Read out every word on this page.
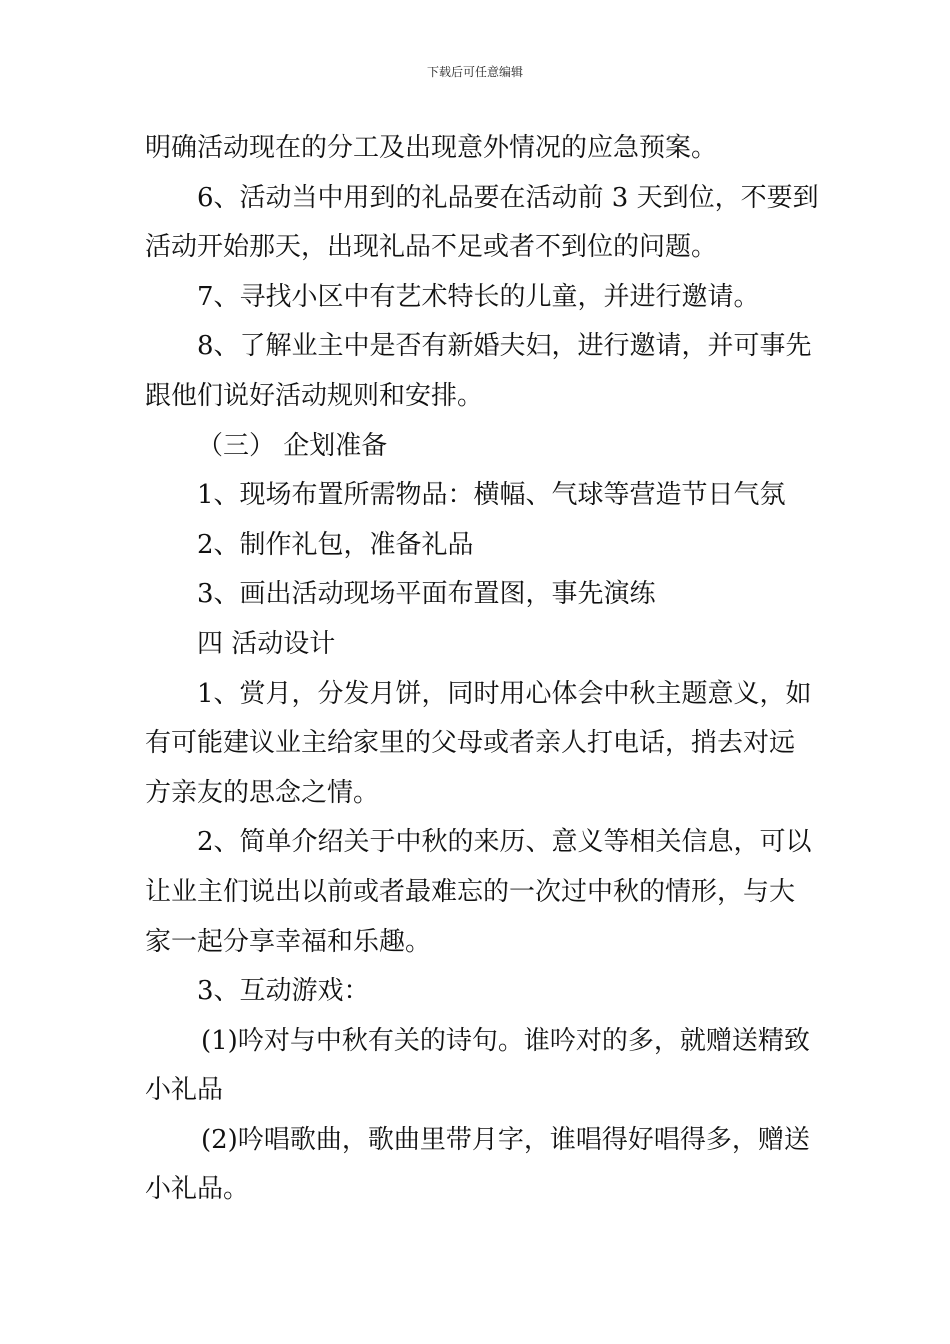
下载后可任意编辑
明确活动现在的分工及出现意外情况的应急预案。
6、活动当中用到的礼品要在活动前 3 天到位，不要到
活动开始那天，出现礼品不足或者不到位的问题。
7、寻找小区中有艺术特长的儿童，并进行邀请。
8、了解业主中是否有新婚夫妇，进行邀请，并可事先
跟他们说好活动规则和安排。
（三） 企划准备
1、现场布置所需物品：横幅、气球等营造节日气氛
2、制作礼包，准备礼品
3、画出活动现场平面布置图，事先演练
四 活动设计
1、赏月，分发月饼，同时用心体会中秋主题意义，如
有可能建议业主给家里的父母或者亲人打电话，捎去对远
方亲友的思念之情。
2、简单介绍关于中秋的来历、意义等相关信息，可以
让业主们说出以前或者最难忘的一次过中秋的情形，与大
家一起分享幸福和乐趣。
3、互动游戏：
(1)吟对与中秋有关的诗句。谁吟对的多，就赠送精致
小礼品
(2)吟唱歌曲，歌曲里带月字，谁唱得好唱得多，赠送
小礼品。
